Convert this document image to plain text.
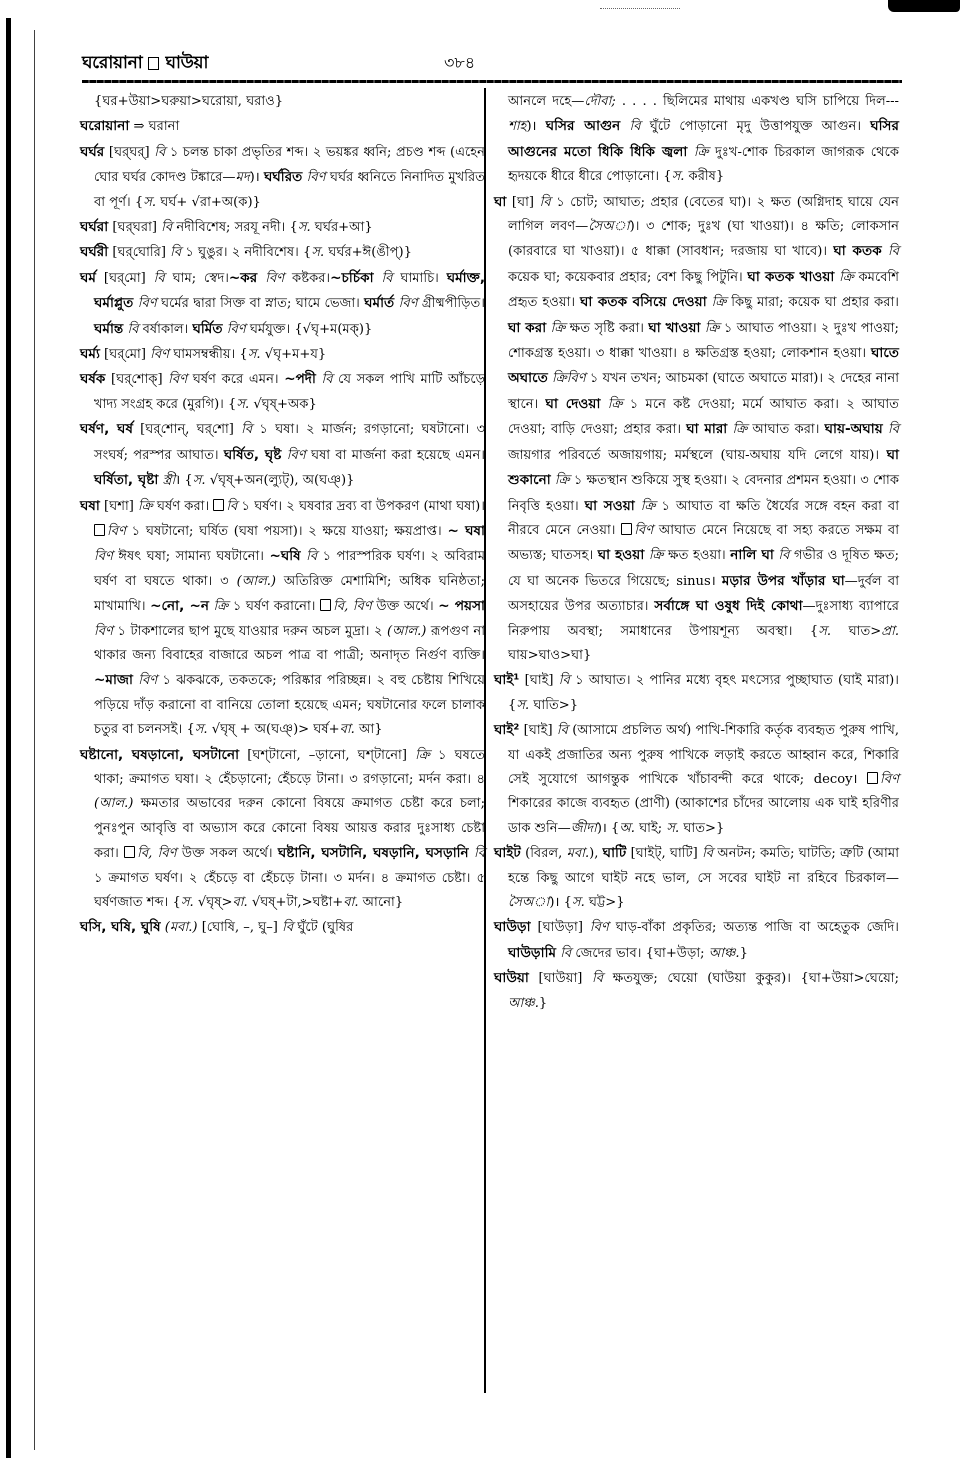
ঘরোয়ানা ঘাউয়া	৩৮৪

{ঘর+উয়া>ঘরুয়া>ঘরোয়া, ঘরাও}

ঘরোয়ানা ⇒ ঘরানা

ঘর্ঘর [ঘর্‌ঘর্‌] বি ১ চলন্ত চাকা প্রভৃতির শব্দ। ২ ভয়ঙ্কর ধ্বনি; প্রচণ্ড শব্দ (এহেন ঘোর ঘর্ঘর কোদণ্ড টঙ্কারে—মদ)। ঘর্ঘরিত বিণ ঘর্ঘর ধ্বনিতে নিনাদিত মুখরিত বা পূর্ণ। {স. ঘর্ঘ+ √রা+অ(ক)}

ঘর্ঘরা [ঘর্‌ঘরা] বি নদীবিশেষ; সরযূ নদী। {স. ঘর্ঘর+আ}

ঘর্ঘরী [ঘর্‌ঘোরি] বি ১ ঘুঙুর। ২ নদীবিশেষ। {স. ঘর্ঘর+ঈ(ঙীপ্‌)}

ঘর্ম [ঘর্‌মো] বি ঘাম; স্বেদ।~কর বিণ কষ্টকর।~চর্চিকা বি ঘামাচি। ঘর্মাক্ত, ঘর্মাপ্লুত বিণ ঘর্মের দ্বারা সিক্ত বা স্নাত; ঘামে ভেজা। ঘর্মার্ত বিণ গ্রীষ্মপীড়িত। ঘর্মান্ত বি বর্ষাকাল। ঘর্মিত বিণ ঘর্মযুক্ত। {√ঘৃ+ম(মক্‌)}

ঘর্ম্য [ঘর্‌মো] বিণ ঘামসম্বন্ধীয়। {স. √ঘৃ+ম+য}

ঘর্ষক [ঘর্‌শোক্‌] বিণ ঘর্ষণ করে এমন। ~পদী বি যে সকল পাখি মাটি আঁচড়ে খাদ্য সংগ্রহ করে (মুরগি)। {স. √ঘৃষ্‌+অক}

ঘর্ষণ, ঘর্ষ [ঘর্‌শোন্‌, ঘর্‌শো] বি ১ ঘষা। ২ মার্জন; রগড়ানো; ঘষটানো। ৩ সংঘর্ষ; পরস্পর আঘাত। ঘর্ষিত, ঘৃষ্ট বিণ ঘষা বা মার্জনা করা হয়েছে এমন। ঘর্ষিতা, ঘৃষ্টা স্ত্রী। {স. √ঘৃষ্‌+অন(ল্যুট্‌), অ(ঘঞ্‌)}

ঘষা [ঘশা] ক্রি ঘর্ষণ করা। বি ১ ঘর্ষণ। ২ ঘষবার দ্রব্য বা উপকরণ (মাথা ঘষা)। বিণ ১ ঘষটানো; ঘর্ষিত (ঘষা পয়সা)। ২ ক্ষয়ে যাওয়া; ক্ষয়প্রাপ্ত। ~ ঘষা বিণ ঈষৎ ঘষা; সামান্য ঘষটানো। ~ঘষি বি ১ পারস্পরিক ঘর্ষণ। ২ অবিরাম ঘর্ষণ বা ঘষতে থাকা। ৩ (আল.) অতিরিক্ত মেশামিশি; অধিক ঘনিষ্ঠতা; মাখামাখি। ~নো, ~ন ক্রি ১ ঘর্ষণ করানো। বি, বিণ উক্ত অর্থে। ~ পয়সা বিণ ১ টাকশালের ছাপ মুছে যাওয়ার দরুন অচল মুদ্রা। ২ (আল.) রূপগুণ না থাকার জন্য বিবাহের বাজারে অচল পাত্র বা পাত্রী; অনাদৃত নির্গুণ ব্যক্তি। ~মাজা বিণ ১ ঝকঝকে, তকতকে; পরিষ্কার পরিচ্ছন্ন। ২ বহু চেষ্টায় শিখিয়ে পড়িয়ে দাঁড় করানো বা বানিয়ে তোলা হয়েছে এমন; ঘষটানোর ফলে চালাক চতুর বা চলনসই। {স. √ঘৃষ্‌ + অ(ঘঞ্‌)> ঘর্ষ+বা. আ}

ঘষ্টানো, ঘষড়ানো, ঘসটানো [ঘশ্‌টানো, –ড়ানো, ঘশ্‌টানো] ক্রি ১ ঘষতে থাকা; ক্রমাগত ঘষা। ২ হেঁচড়ানো; হেঁচড়ে টানা। ৩ রগড়ানো; মর্দন করা। ৪ (আল.) ক্ষমতার অভাবের দরুন কোনো বিষয়ে ক্রমাগত চেষ্টা করে চলা; পুনঃপুন আবৃত্তি বা অভ্যাস করে কোনো বিষয় আয়ত্ত করার দুঃসাধ্য চেষ্টা করা। বি, বিণ উক্ত সকল অর্থে। ঘষ্টানি, ঘসটানি, ঘষড়ানি, ঘসড়ানি বি ১ ক্রমাগত ঘর্ষণ। ২ হেঁচড়ে বা হেঁচড়ে টানা। ৩ মর্দন। ৪ ক্রমাগত চেষ্টা। ৫ ঘর্ষণজাত শব্দ। {স. √ঘৃষ্‌>বা. √ঘষ্‌+টা,>ঘষ্টা+বা. আনো}

ঘসি, ঘষি, ঘুষি (মবা.) [ঘোষি, –, ঘু–] বি ঘুঁটে (ঘুষির

আনলে দহে—দৌবা; . . . . ছিলিমের মাথায় একখণ্ড ঘসি চাপিয়ে দিল---শাহ)। ঘসির আগুন বি ঘুঁটে পোড়ানো মৃদু উত্তাপযুক্ত আগুন। ঘসির আগুনের মতো ধিকি ধিকি জ্বলা ক্রি দুঃখ-শোক চিরকাল জাগরূক থেকে হৃদয়কে ধীরে ধীরে পোড়ানো। {স. করীষ}

ঘা [ঘা] বি ১ চোট; আঘাত; প্রহার (বেতের ঘা)। ২ ক্ষত (অগ্নিদাহ ঘায়ে যেন লাগিল লবণ—সৈঅা)। ৩ শোক; দুঃখ (ঘা খাওয়া)। ৪ ক্ষতি; লোকসান (কারবারে ঘা খাওয়া)। ৫ ধাক্কা (সাবধান; দরজায় ঘা খাবে)। ঘা কতক বি কয়েক ঘা; কয়েকবার প্রহার; বেশ কিছু পিটুনি। ঘা কতক খাওয়া ক্রি কমবেশি প্রহৃত হওয়া। ঘা কতক বসিয়ে দেওয়া ক্রি কিছু মারা; কয়েক ঘা প্রহার করা। ঘা করা ক্রি ক্ষত সৃষ্টি করা। ঘা খাওয়া ক্রি ১ আঘাত পাওয়া। ২ দুঃখ পাওয়া; শোকগ্রস্ত হওয়া। ৩ ধাক্কা খাওয়া। ৪ ক্ষতিগ্রস্ত হওয়া; লোকশান হওয়া। ঘাতে অঘাতে ক্রিবিণ ১ যখন তখন; আচমকা (ঘাতে অঘাতে মারা)। ২ দেহের নানা স্থানে। ঘা দেওয়া ক্রি ১ মনে কষ্ট দেওয়া; মর্মে আঘাত করা। ২ আঘাত দেওয়া; বাড়ি দেওয়া; প্রহার করা। ঘা মারা ক্রি আঘাত করা। ঘায়-অঘায় বি জায়গার পরিবর্তে অজায়গায়; মর্মস্থলে (ঘায়-অঘায় যদি লেগে যায়)। ঘা শুকানো ক্রি ১ ক্ষতস্থান শুকিয়ে সুস্থ হওয়া। ২ বেদনার প্রশমন হওয়া। ৩ শোক নিবৃত্তি হওয়া। ঘা সওয়া ক্রি ১ আঘাত বা ক্ষতি ধৈর্যের সঙ্গে বহন করা বা নীরবে মেনে নেওয়া। বিণ আঘাত মেনে নিয়েছে বা সহ্য করতে সক্ষম বা অভ্যস্ত; ঘাতসহ। ঘা হওয়া ক্রি ক্ষত হওয়া। নালি ঘা বি গভীর ও দূষিত ক্ষত; যে ঘা অনেক ভিতরে গিয়েছে; sinus। মড়ার উপর খাঁড়ার ঘা—দুর্বল বা অসহায়ের উপর অত্যাচার। সর্বাঙ্গে ঘা ওষুধ দিই কোথা—দুঃসাধ্য ব্যাপারে নিরুপায় অবস্থা; সমাধানের উপায়শূন্য অবস্থা। {স. ঘাত>প্রা. ঘায়>ঘাও>ঘা}

ঘাই¹ [ঘাই] বি ১ আঘাত। ২ পানির মধ্যে বৃহৎ মৎস্যের পুচ্ছাঘাত (ঘাই মারা)। {স. ঘাতি>}

ঘাই² [ঘাই] বি (আসামে প্রচলিত অর্থ) পাখি-শিকারি কর্তৃক ব্যবহৃত পুরুষ পাখি, যা একই প্রজাতির অন্য পুরুষ পাখিকে লড়াই করতে আহ্বান করে, শিকারি সেই সুযোগে আগন্তুক পাখিকে খাঁচাবন্দী করে থাকে; decoy। বিণ শিকারের কাজে ব্যবহৃত (প্রাণী) (আকাশের চাঁদের আলোয় এক ঘাই হরিণীর ডাক শুনি—জীদা)। {অ. ঘাই; স. ঘাত>}

ঘাইট (বিরল, মবা.), ঘাটি [ঘাইট্‌, ঘাটি] বি অনটন; কমতি; ঘাটতি; ত্রুটি (আমা হন্তে কিছু আগে ঘাইট নহে ভাল, সে সবের ঘাইট না রহিবে চিরকাল—সৈঅা)। {স. ঘট্ট>}

ঘাউড়া [ঘাউড়া] বিণ ঘাড়-বাঁকা প্রকৃতির; অত্যন্ত পাজি বা অহেতুক জেদি। ঘাউড়ামি বি জেদের ভাব। {ঘা+উড়া; আঞ্চ.}

ঘাউয়া [ঘাউয়া] বি ক্ষতযুক্ত; ঘেয়ো (ঘাউয়া কুকুর)। {ঘা+উয়া>ঘেয়ো; আঞ্চ.}
